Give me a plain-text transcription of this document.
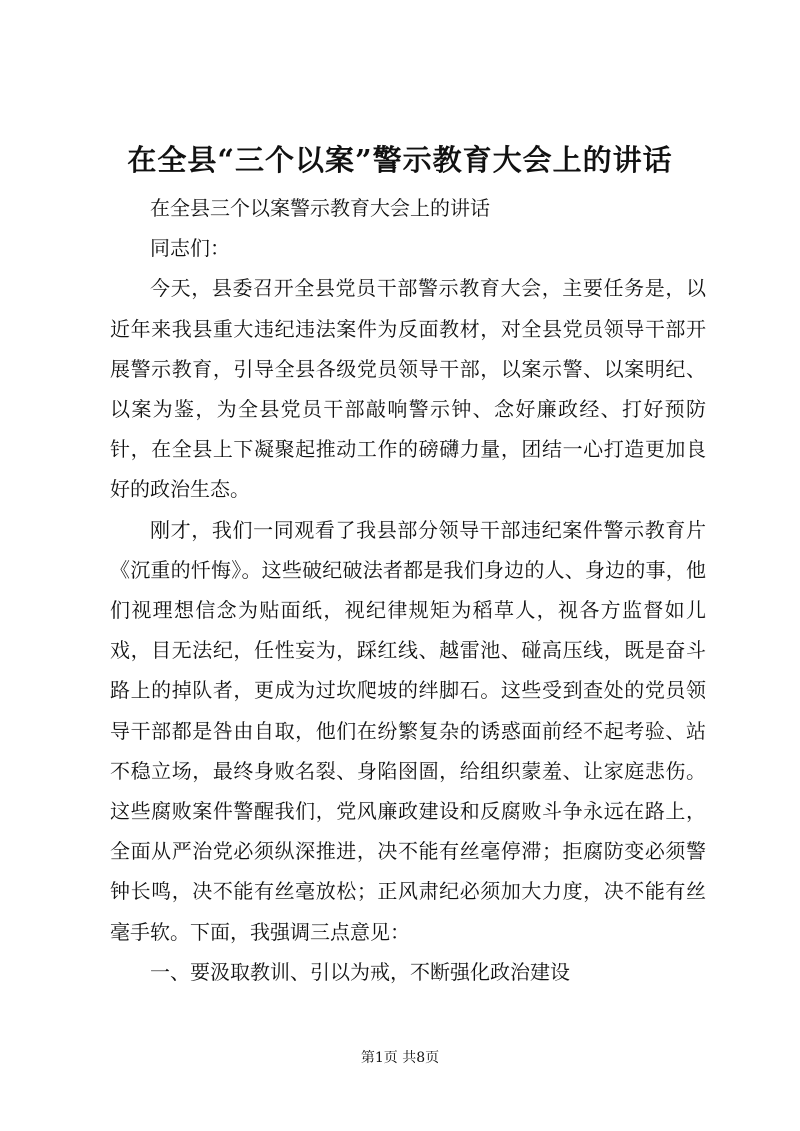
在全县“三个以案”警示教育大会上的讲话

在全县三个以案警示教育大会上的讲话

同志们：

今天，县委召开全县党员干部警示教育大会，主要任务是，以近年来我县重大违纪违法案件为反面教材，对全县党员领导干部开展警示教育，引导全县各级党员领导干部，以案示警、以案明纪、以案为鉴，为全县党员干部敲响警示钟、念好廉政经、打好预防针，在全县上下凝聚起推动工作的磅礴力量，团结一心打造更加良好的政治生态。

刚才，我们一同观看了我县部分领导干部违纪案件警示教育片《沉重的忏悔》。这些破纪破法者都是我们身边的人、身边的事，他们视理想信念为贴面纸，视纪律规矩为稻草人，视各方监督如儿戏，目无法纪，任性妄为，踩红线、越雷池、碰高压线，既是奋斗路上的掉队者，更成为过坎爬坡的绊脚石。这些受到查处的党员领导干部都是咎由自取，他们在纷繁复杂的诱惑面前经不起考验、站不稳立场，最终身败名裂、身陷囹圄，给组织蒙羞、让家庭悲伤。这些腐败案件警醒我们，党风廉政建设和反腐败斗争永远在路上，全面从严治党必须纵深推进，决不能有丝毫停滞；拒腐防变必须警钟长鸣，决不能有丝毫放松；正风肃纪必须加大力度，决不能有丝毫手软。下面，我强调三点意见：

一、要汲取教训、引以为戒，不断强化政治建设

第1页 共8页
